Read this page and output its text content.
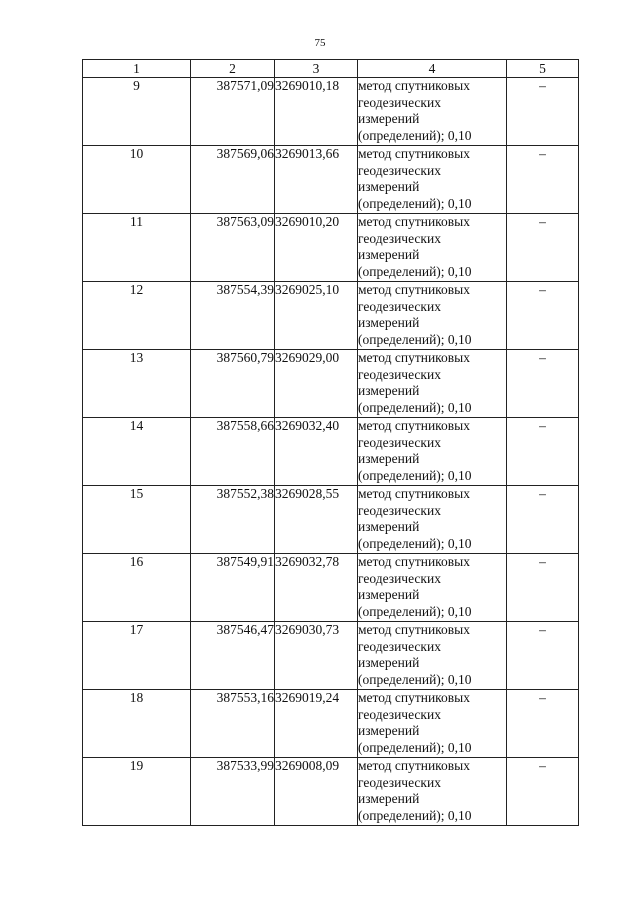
75
1	2	3	4	5
9	387571,09	3269010,18	метод спутниковых
геодезических
измерений
(определений); 0,10	–
10	387569,06	3269013,66	метод спутниковых
геодезических
измерений
(определений); 0,10	–
11	387563,09	3269010,20	метод спутниковых
геодезических
измерений
(определений); 0,10	–
12	387554,39	3269025,10	метод спутниковых
геодезических
измерений
(определений); 0,10	–
13	387560,79	3269029,00	метод спутниковых
геодезических
измерений
(определений); 0,10	–
14	387558,66	3269032,40	метод спутниковых
геодезических
измерений
(определений); 0,10	–
15	387552,38	3269028,55	метод спутниковых
геодезических
измерений
(определений); 0,10	–
16	387549,91	3269032,78	метод спутниковых
геодезических
измерений
(определений); 0,10	–
17	387546,47	3269030,73	метод спутниковых
геодезических
измерений
(определений); 0,10	–
18	387553,16	3269019,24	метод спутниковых
геодезических
измерений
(определений); 0,10	–
19	387533,99	3269008,09	метод спутниковых
геодезических
измерений
(определений); 0,10	–
